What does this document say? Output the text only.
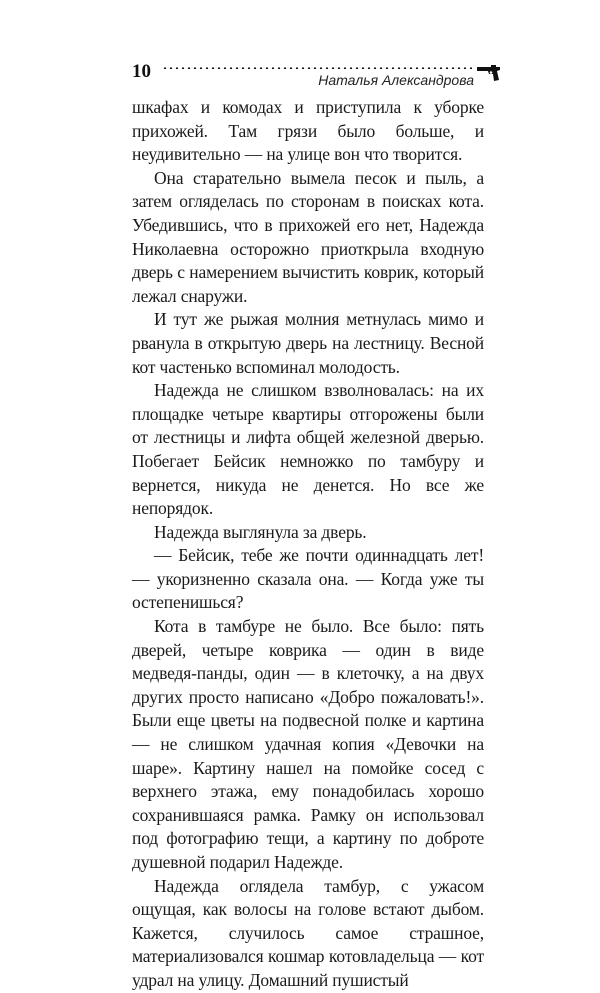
10	Наталья Александрова

шкафах и комодах и приступила к уборке прихожей. Там грязи было больше, и неудивительно — на улице вон что творится.

Она старательно вымела песок и пыль, а затем огляделась по сторонам в поисках кота. Убедившись, что в прихожей его нет, Надежда Николаевна осторожно приоткрыла входную дверь с намерением вычистить коврик, который лежал снаружи.

И тут же рыжая молния метнулась мимо и рванула в открытую дверь на лестницу. Весной кот частенько вспоминал молодость.

Надежда не слишком взволновалась: на их площадке четыре квартиры отгорожены были от лестницы и лифта общей железной дверью. Побегает Бейсик немножко по тамбуру и вернется, никуда не денется. Но все же непорядок.

Надежда выглянула за дверь.

— Бейсик, тебе же почти одиннадцать лет! — укоризненно сказала она. — Когда уже ты остепенишься?

Кота в тамбуре не было. Все было: пять дверей, четыре коврика — один в виде медведя-панды, один — в клеточку, а на двух других просто написано «Добро пожаловать!». Были еще цветы на подвесной полке и картина — не слишком удачная копия «Девочки на шаре». Картину нашел на помойке сосед с верхнего этажа, ему понадобилась хорошо сохранившаяся рамка. Рамку он использовал под фотографию тещи, а картину по доброте душевной подарил Надежде.

Надежда оглядела тамбур, с ужасом ощущая, как волосы на голове встают дыбом. Кажется, случилось самое страшное, материализовался кошмар котовладельца — кот удрал на улицу. Домашний пушистый
